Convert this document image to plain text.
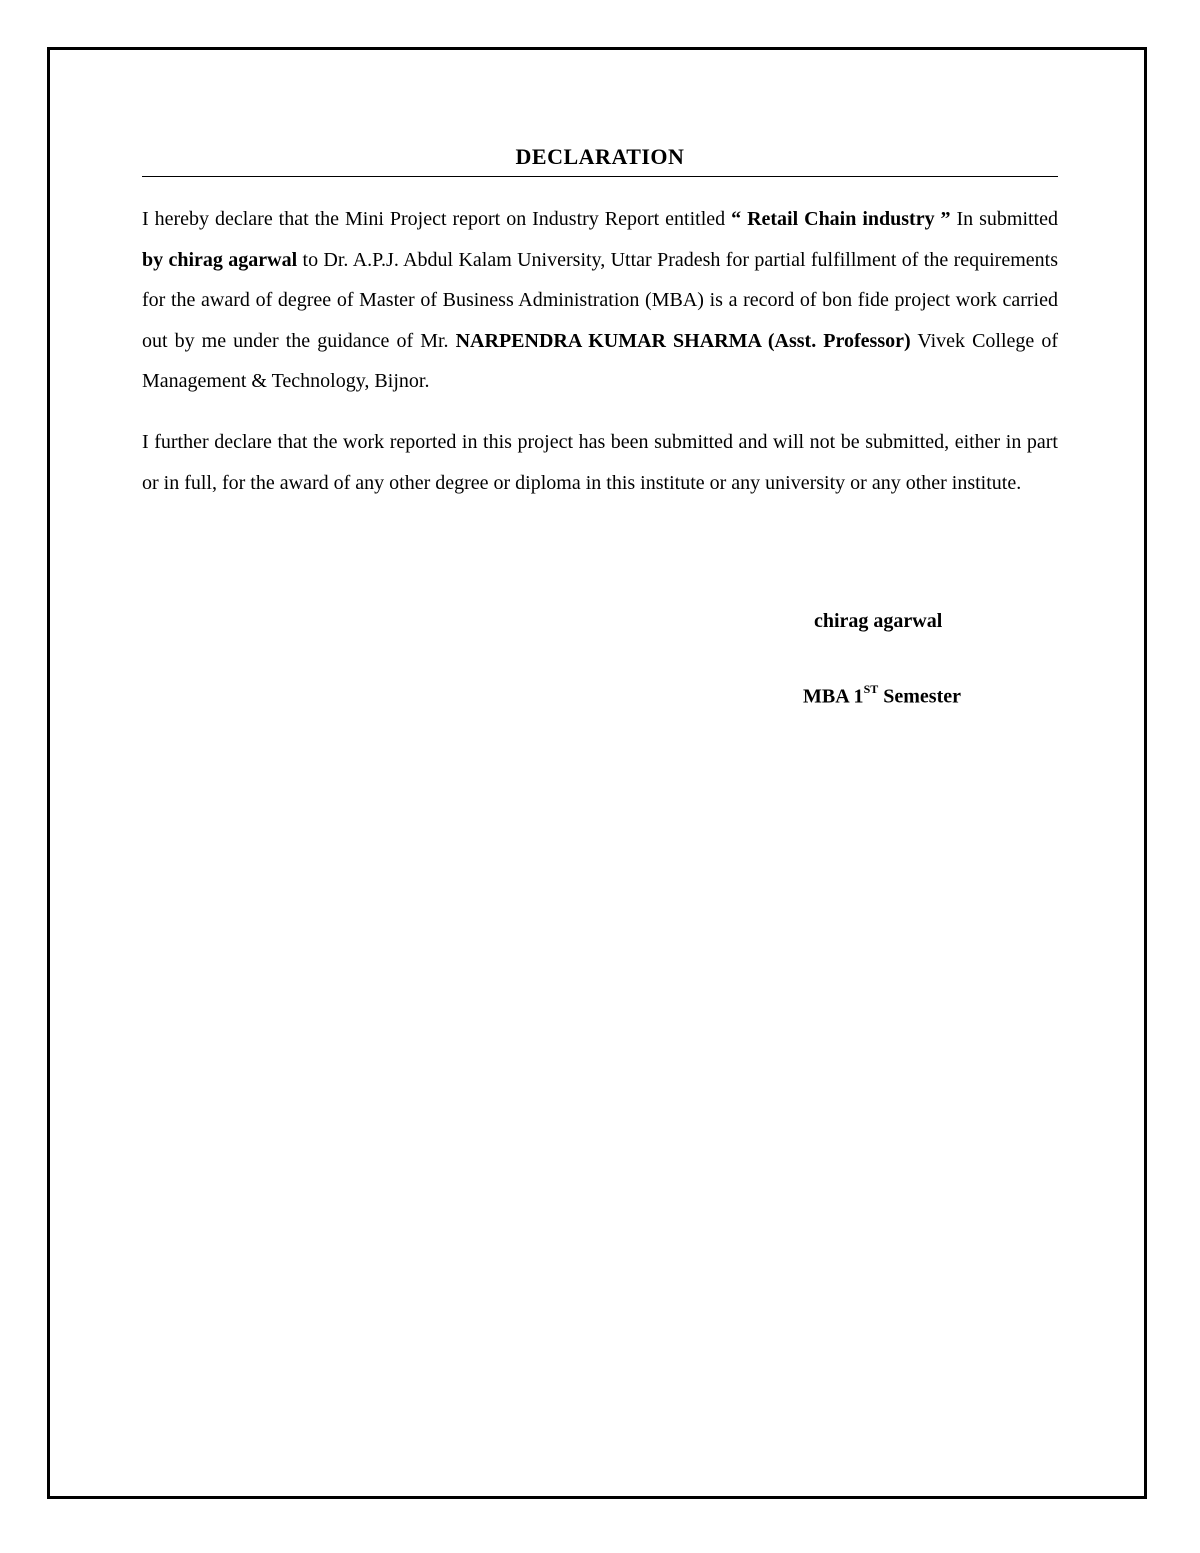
DECLARATION

I hereby declare that the Mini Project report on Industry Report entitled “ Retail Chain industry ” In submitted by chirag agarwal to Dr. A.P.J. Abdul Kalam University, Uttar Pradesh for partial fulfillment of the requirements for the award of degree of Master of Business Administration (MBA) is a record of bon fide project work carried out by me under the guidance of Mr. NARPENDRA KUMAR SHARMA (Asst. Professor) Vivek College of Management & Technology, Bijnor.

I further declare that the work reported in this project has been submitted and will not be submitted, either in part or in full, for the award of any other degree or diploma in this institute or any university or any other institute.

chirag agarwal
MBA 1ST Semester
